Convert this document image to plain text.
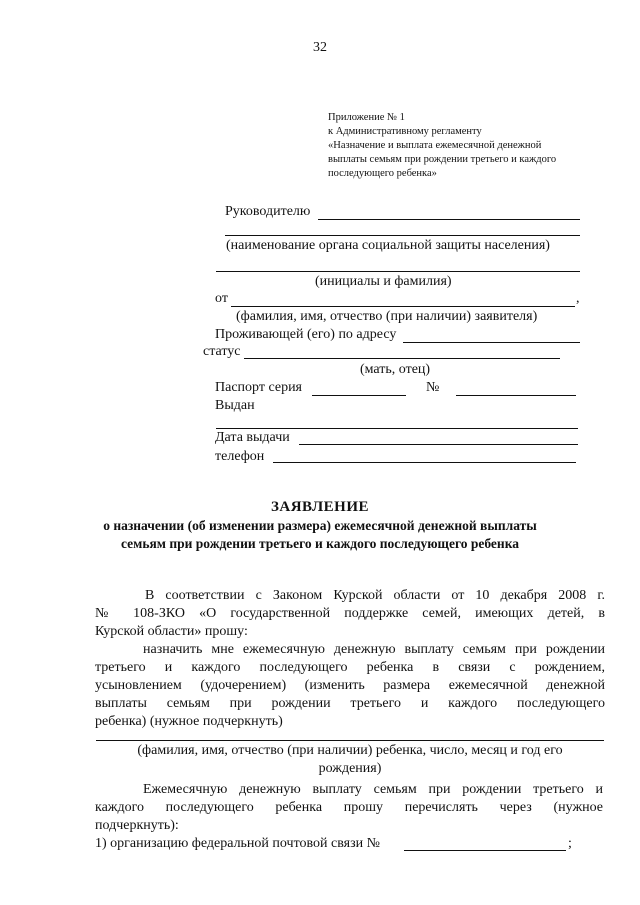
32
Приложение № 1
к Административному регламенту
«Назначение и выплата ежемесячной денежной
выплаты семьям при рождении третьего и каждого
последующего ребенка»
Руководителю
(наименование органа социальной защиты населения)
(инициалы и фамилия)
от	,
(фамилия, имя, отчество (при наличии) заявителя)
Проживающей (его) по адресу
статус
(мать, отец)
Паспорт серия	№
Выдан
Дата выдачи
телефон
ЗАЯВЛЕНИЕ
о назначении (об изменении размера) ежемесячной денежной выплаты семьям при рождении третьего и каждого последующего ребенка
В соответствии с Законом Курской области от 10 декабря 2008 г.
№ 108-ЗКО «О государственной поддержке семей, имеющих детей, в
Курской области» прошу:
назначить мне ежемесячную денежную выплату семьям при рождении
третьего и каждого последующего ребенка в связи с рождением,
усыновлением (удочерением) (изменить размера ежемесячной денежной
выплаты семьям при рождении третьего и каждого последующего
ребенка) (нужное подчеркнуть)
(фамилия, имя, отчество (при наличии) ребенка, число, месяц и год его
рождения)
Ежемесячную денежную выплату семьям при рождении третьего и
каждого последующего ребенка прошу перечислять через (нужное
подчеркнуть):
1) организацию федеральной почтовой связи №	;
